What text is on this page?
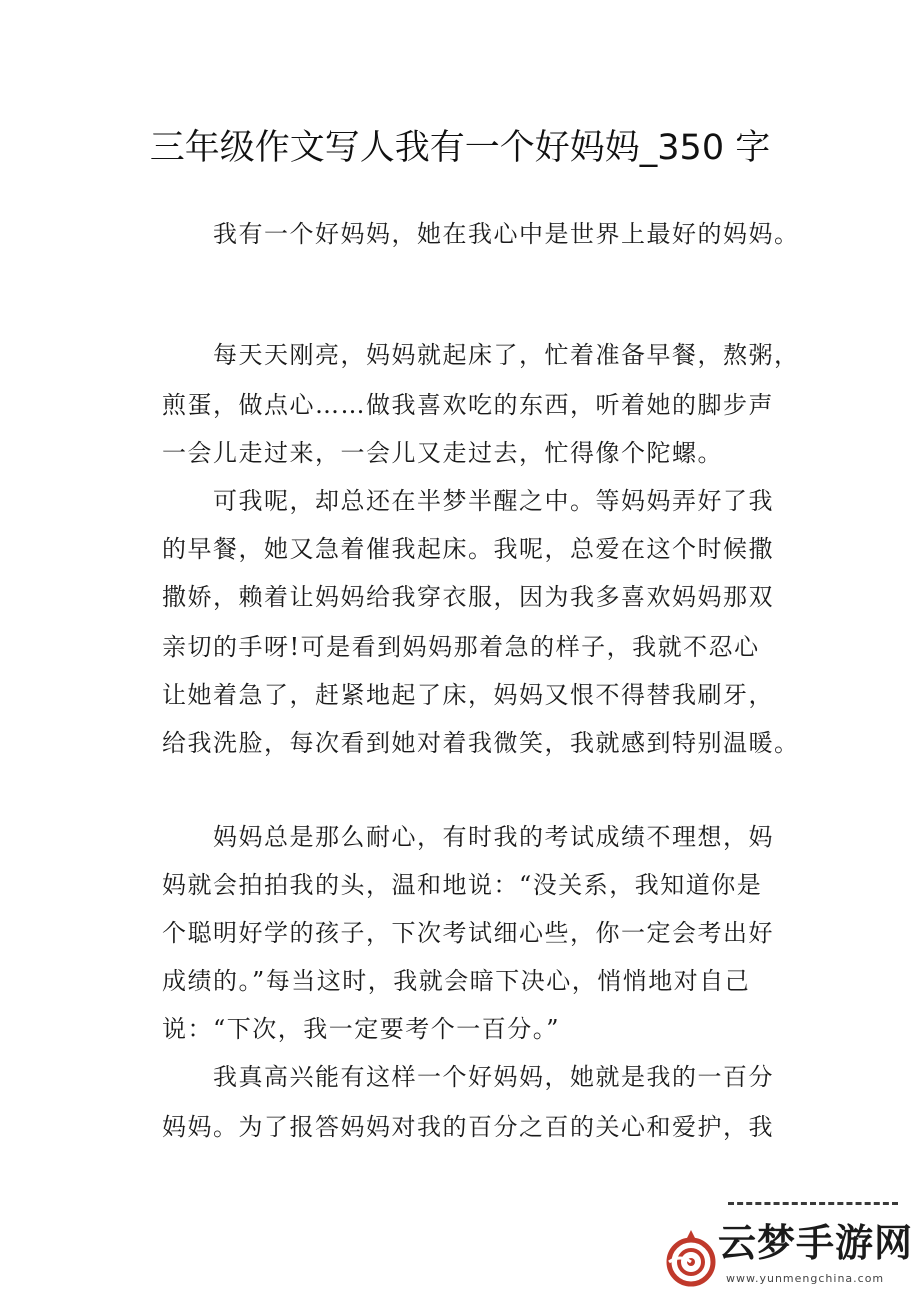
三年级作文写人我有一个好妈妈_350 字
　　我有一个好妈妈，她在我心中是世界上最好的妈妈。
　　每天天刚亮，妈妈就起床了，忙着准备早餐，熬粥，
煎蛋，做点心……做我喜欢吃的东西，听着她的脚步声
一会儿走过来，一会儿又走过去，忙得像个陀螺。
　　可我呢，却总还在半梦半醒之中。等妈妈弄好了我
的早餐，她又急着催我起床。我呢，总爱在这个时候撒
撒娇，赖着让妈妈给我穿衣服，因为我多喜欢妈妈那双
亲切的手呀!可是看到妈妈那着急的样子，我就不忍心
让她着急了，赶紧地起了床，妈妈又恨不得替我刷牙，
给我洗脸，每次看到她对着我微笑，我就感到特别温暖。
　　妈妈总是那么耐心，有时我的考试成绩不理想，妈
妈就会拍拍我的头，温和地说：“没关系，我知道你是
个聪明好学的孩子，下次考试细心些，你一定会考出好
成绩的。”每当这时，我就会暗下决心，悄悄地对自己
说：“下次，我一定要考个一百分。”
　　我真高兴能有这样一个好妈妈，她就是我的一百分
妈妈。为了报答妈妈对我的百分之百的关心和爱护，我
云梦手游网
www.yunmengchina.com
